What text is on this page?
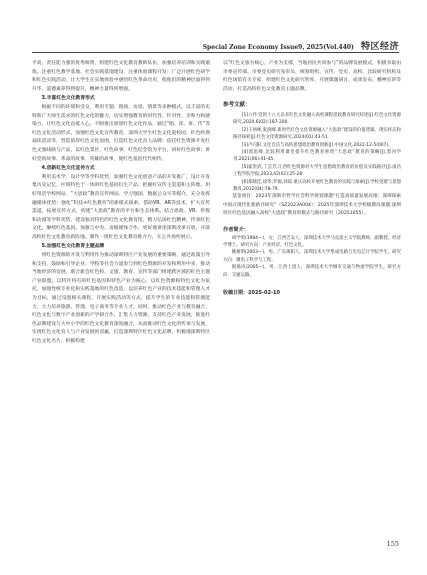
Special Zone Economy Issue9, 2025(Vol.440) 特区经济

平高、责任能力强的优秀师资，组建红色文化教育教师队伍，加强培养培训和实践锻炼。注重红色教学基地、社会实践基地建设，注重体验课程开发；广泛开展红色研学和红色实践活动，让大学生在实地体验中感悟红色革命历史，使他们的精神层面得到升华，道德素养得到提升，精神力量得到增强。

3.丰富红色文化教育形式

根据不同的环境和受众，利用专题、现场、访谈、情景等多种模式，以丰富的史料和广大师生需求的红色文化的魅力，切实增强教育的时代性、针对性、亲和力和感染力，让红色文化直抵人心。不断推出原创红色文化作品，通过“唱、读、讲、传”等红色文化活动形式，加强红色文化宣传教育。深圳大学生红色文化进校园、红色经典诵读活动等，营造浓厚红色文化氛围，打造红色文化育人品牌；依托红色资源开发红色文旅线路与产品，以红色景区、红色故事、红色纪念馆为平台，讲好红色故事；讲好党的故事、革命的故事、英雄的故事，使红色基因代代相传。

4.创新红色文化宣传方式

利用美术学、设计学等学科优势，加强红色文化创意产品的开发推广，设计开发集历史记忆、区域特色于一体的红色基因衍生产品；把握好宣传主渠道和主阵地，用好用活学校网站、“大思政”教育宣传网站、学习强国、数据公众号等媒介，充分发挥融媒体优势；强化“科技+红色教育”的新模式探索，借助VR、AR等技术，扩大宣传渠道，拓展宣传方式，构建“大思政”教育的平台和生态体系。结合思政、VR、传媒和动漫等学科优势，建设独具特色的红色文化教育馆，数力弘扬红色精神，传承红色文化，赓续红色基因。加强与中央、省级媒体合作，更好地讲述深圳改革开放、开辟高校红色文化教育新阵地。制作一批红色文化教育推介片，在公共场所展示。

5.加强红色文化教育主题品牌

将红色资源的开发与利用作为推动深圳特区产业发展的重要策略，通过政策引导和支持，鼓励和引导企业、学校等社会力量参与到红色资源的开发和利用中来，推动当地经济的发展。联合新会红色校、文旅、教育、宣传等部门组建跨区域的红色主题产业联盟，以特区特有的红色基因和特色产业为核心，以红色资源和特色文化为依托，加强性统专业化和实践基地的红色改造，以培养红色产业的技术技能和管理人才为目标，通过设置相关课程，开展实践活动等方式，提升学生的专业技能和管理能力，大力培养旅游、管理、电子商务等专业人才。同时，推动红色产业与教育融合，红色文化与数字产业创新的产学研合作，汇集人力资源，支持红色产业发展，推进红色品牌建设与大中小学的红色文化教育深度融合，从而推动红色文化的传承与发展，实现红色文化育人与产业发展的双赢，打造深圳特区红色文化品牌，积极地深圳特区红色文化名片，积极构建

以“红色文旅为核心，产业为支撑，当地居民共同参与”的品牌发展模式，积极争取由市委宣传部、市委党史研究室牵头，统筹组织、宣传、党史、高校、比较研究机构及红色场馆有关专家，组建红色文化研究智库，开展课题研讨，成果发布，精神宣讲等活动，打造高校红色文化教育主题品牌。

参考文献：

[1]六件.党的十八大以来红色文化融入高校课程思政教育研究综述[J].红色文化资源研究,2020,6(02):187-200.

[2]王炳林,张润峰.新时代红色文化资源融入“大思政”建设的价值逻辑、现实样态和路径探析[J].红色文化资源研究,2024(01):43-51.

[3]卢向阳.文化自信与高校思想政治教育创新[J].中国文化,2022-12-5(007).

[4]郭思峰.比较利用课堂提升红色教育师资“大思政”教育的策略[J].黑河学刊,2021(06):41-45.

[5]霍贵武,丁芸芳.江西红色资源对大学生思想政治教育的价值及实践路径[J].南昌工程学院学报,2023,42(02):25-28.

[6]郑晓佳,徐华,罗锡,刘琼.重庆高校开展红色教育的实践与探索[J].学校党建与思想教育,2012(04):78-79.

基金项目：2023年深圳市哲学社会科学规划课题“打造高质量发展高地：深圳探索中国式现代化新路径研究”（SZ2023A004）；2025年深圳技术大学校级教改课题:深圳特区红色基因融入高校“大思政”教育的模式与路径研究（20251055）。

作者简介：

胡学勇(1984—)，女，江西吉安人，深圳技术大学马克思主义学院教师，副教授，经济学博士。研究方向：产业经济，红色文化。

姚树明(2003—)，男，广东揭阳人，深圳技术大学集成电路与光电芯片学院学生。研究方向：微电子科学与工程。

倪烯涛(2005—)，男，江西上饶人，深圳技术大学城市交通与物流学院学生。研究方向：交通运输。

收稿日期：2025-02-10
155
